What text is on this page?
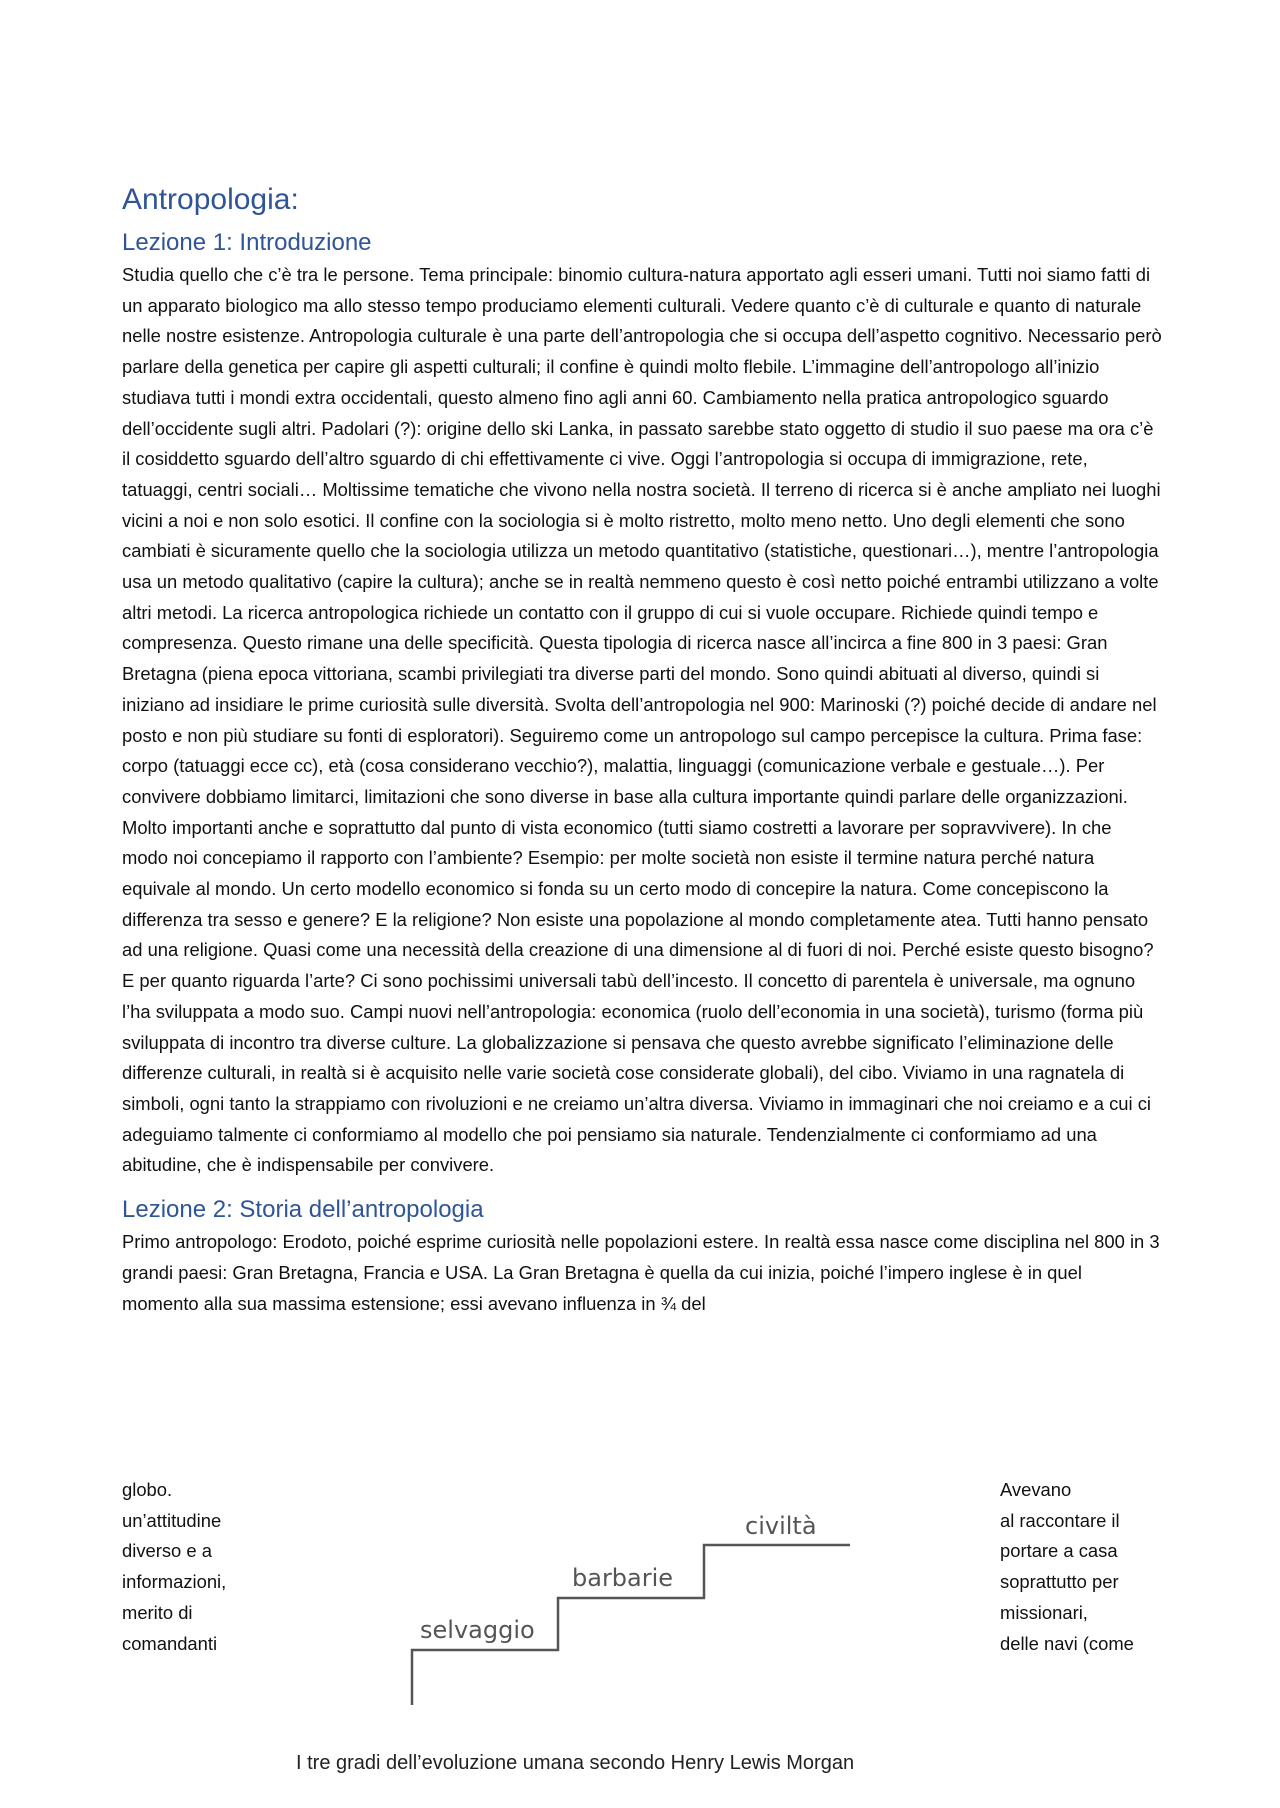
Antropologia:
Lezione 1: Introduzione

Studia quello che c’è tra le persone. Tema principale: binomio cultura-natura apportato agli esseri umani. Tutti noi siamo fatti di un apparato biologico ma allo stesso tempo produciamo elementi culturali. Vedere quanto c’è di culturale e quanto di naturale nelle nostre esistenze. Antropologia culturale è una parte dell’antropologia che si occupa dell’aspetto cognitivo. Necessario però parlare della genetica per capire gli aspetti culturali; il confine è quindi molto flebile. L’immagine dell’antropologo all’inizio studiava tutti i mondi extra occidentali, questo almeno fino agli anni 60. Cambiamento nella pratica antropologico sguardo dell’occidente sugli altri. Padolari (?): origine dello ski Lanka, in passato sarebbe stato oggetto di studio il suo paese ma ora c’è il cosiddetto sguardo dell’altro sguardo di chi effettivamente ci vive. Oggi l’antropologia si occupa di immigrazione, rete, tatuaggi, centri sociali… Moltissime tematiche che vivono nella nostra società. Il terreno di ricerca si è anche ampliato nei luoghi vicini a noi e non solo esotici. Il confine con la sociologia si è molto ristretto, molto meno netto. Uno degli elementi che sono cambiati è sicuramente quello che la sociologia utilizza un metodo quantitativo (statistiche, questionari…), mentre l’antropologia usa un metodo qualitativo (capire la cultura); anche se in realtà nemmeno questo è così netto poiché entrambi utilizzano a volte altri metodi. La ricerca antropologica richiede un contatto con il gruppo di cui si vuole occupare. Richiede quindi tempo e compresenza. Questo rimane una delle specificità. Questa tipologia di ricerca nasce all’incirca a fine 800 in 3 paesi: Gran Bretagna (piena epoca vittoriana, scambi privilegiati tra diverse parti del mondo. Sono quindi abituati al diverso, quindi si iniziano ad insidiare le prime curiosità sulle diversità. Svolta dell’antropologia nel 900: Marinoski (?) poiché decide di andare nel posto e non più studiare su fonti di esploratori). Seguiremo come un antropologo sul campo percepisce la cultura. Prima fase: corpo (tatuaggi ecce cc), età (cosa considerano vecchio?), malattia, linguaggi (comunicazione verbale e gestuale…). Per convivere dobbiamo limitarci, limitazioni che sono diverse in base alla cultura importante quindi parlare delle organizzazioni. Molto importanti anche e soprattutto dal punto di vista economico (tutti siamo costretti a lavorare per sopravvivere). In che modo noi concepiamo il rapporto con l’ambiente? Esempio: per molte società non esiste il termine natura perché natura equivale al mondo. Un certo modello economico si fonda su un certo modo di concepire la natura. Come concepiscono la differenza tra sesso e genere? E la religione? Non esiste una popolazione al mondo completamente atea. Tutti hanno pensato ad una religione. Quasi come una necessità della creazione di una dimensione al di fuori di noi. Perché esiste questo bisogno? E per quanto riguarda l’arte? Ci sono pochissimi universali tabù dell’incesto. Il concetto di parentela è universale, ma ognuno l’ha sviluppata a modo suo. Campi nuovi nell’antropologia: economica (ruolo dell’economia in una società), turismo (forma più sviluppata di incontro tra diverse culture. La globalizzazione si pensava che questo avrebbe significato l’eliminazione delle differenze culturali, in realtà si è acquisito nelle varie società cose considerate globali), del cibo. Viviamo in una ragnatela di simboli, ogni tanto la strappiamo con rivoluzioni e ne creiamo un’altra diversa. Viviamo in immaginari che noi creiamo e a cui ci adeguiamo talmente ci conformiamo al modello che poi pensiamo sia naturale. Tendenzialmente ci conformiamo ad una abitudine, che è indispensabile per convivere.

Lezione 2: Storia dell’antropologia

Primo antropologo: Erodoto, poiché esprime curiosità nelle popolazioni estere. In realtà essa nasce come disciplina nel 800 in 3 grandi paesi: Gran Bretagna, Francia e USA. La Gran Bretagna è quella da cui inizia, poiché l’impero inglese è in quel momento alla sua massima estensione; essi avevano influenza in ¾ del

globo.
un’attitudine
diverso e a
informazioni,
merito di
comandanti
Avevano
al raccontare il
portare a casa
soprattutto per
missionari,
delle navi (come
selvaggio
barbarie
civiltà
I tre gradi dell’evoluzione umana secondo Henry Lewis Morgan
